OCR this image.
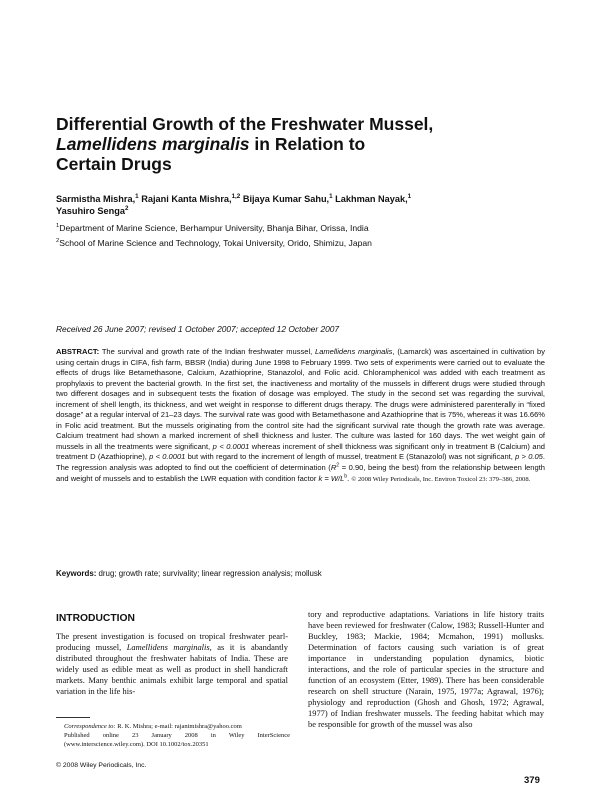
Differential Growth of the Freshwater Mussel,
Lamellidens marginalis in Relation to
Certain Drugs
Sarmistha Mishra,$^1$ Rajani Kanta Mishra,$^{1,2}$ Bijaya Kumar Sahu,$^1$ Lakhman Nayak,$^1$
Yasuhiro Senga$^2$
$^1$Department of Marine Science, Berhampur University, Bhanja Bihar, Orissa, India
$^2$School of Marine Science and Technology, Tokai University, Orido, Shimizu, Japan
Received 26 June 2007; revised 1 October 2007; accepted 12 October 2007
ABSTRACT: The survival and growth rate of the Indian freshwater mussel, Lamellidens marginalis, (Lamarck) was ascertained in cultivation by using certain drugs in CIFA, fish farm, BBSR (India) during June 1998 to February 1999. Two sets of experiments were carried out to evaluate the effects of drugs like Betamethasone, Calcium, Azathioprine, Stanazolol, and Folic acid. Chloramphenicol was added with each treatment as prophylaxis to prevent the bacterial growth. In the first set, the inactiveness and mortality of the mussels in different drugs were studied through two different dosages and in subsequent tests the fixation of dosage was employed. The study in the second set was regarding the survival, increment of shell length, its thickness, and wet weight in response to different drugs therapy. The drugs were administered parenterally in “fixed dosage” at a regular interval of 21–23 days. The survival rate was good with Betamethasone and Azathioprine that is 75%, whereas it was 16.66% in Folic acid treatment. But the mussels originating from the control site had the significant survival rate though the growth rate was average. Calcium treatment had shown a marked increment of shell thickness and luster. The culture was lasted for 160 days. The wet weight gain of mussels in all the treatments were significant, p < 0.0001 whereas increment of shell thickness was significant only in treatment B (Calcium) and treatment D (Azathioprine), p < 0.0001 but with regard to the increment of length of mussel, treatment E (Stanazolol) was not significant, p > 0.05. The regression analysis was adopted to find out the coefficient of determination ($R^2 = 0.90$, being the best) from the relationship between length and weight of mussels and to establish the LWR equation with condition factor $k = W/L^b$. © 2008 Wiley Periodicals, Inc. Environ Toxicol 23: 379–386, 2008.
Keywords: drug; growth rate; survivality; linear regression analysis; mollusk
INTRODUCTION
The present investigation is focused on tropical freshwater pearl-producing mussel, Lamellidens marginalis, as it is abandantly distributed throughout the freshwater habitats of India. These are widely used as edible meat as well as product in shell handicraft markets. Many benthic animals exhibit large temporal and spatial variation in the life his-
tory and reproductive adaptations. Variations in life history traits have been reviewed for freshwater (Calow, 1983; Russell-Hunter and Buckley, 1983; Mackie, 1984; Mcmahon, 1991) mollusks. Determination of factors causing such variation is of great importance in understanding population dynamics, biotic interactions, and the role of particular species in the structure and function of an ecosystem (Etter, 1989). There has been considerable research on shell structure (Narain, 1975, 1977a; Agrawal, 1976); physiology and reproduction (Ghosh and Ghosh, 1972; Agrawal, 1977) of Indian freshwater mussels. The feeding habitat which may be responsible for growth of the mussel was also
Correspondence to: R. K. Mishra; e-mail: rajanimishra@yahoo.com
Published online 23 January 2008 in Wiley InterScience (www.interscience.wiley.com). DOI 10.1002/tox.20351
© 2008 Wiley Periodicals, Inc.
379
